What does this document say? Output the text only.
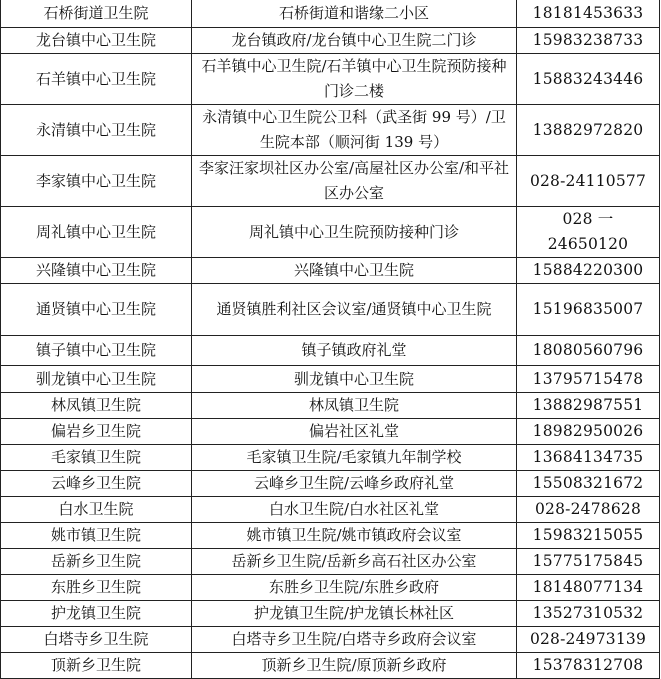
石桥街道卫生院	石桥街道和谐缘二小区	18181453633
龙台镇中心卫生院	龙台镇政府/龙台镇中心卫生院二门诊	15983238733
石羊镇中心卫生院	石羊镇中心卫生院/石羊镇中心卫生院预防接种门诊二楼	15883243446
永清镇中心卫生院	永清镇中心卫生院公卫科（武圣街 99 号）/卫生院本部（顺河街 139 号）	13882972820
李家镇中心卫生院	李家汪家坝社区办公室/高屋社区办公室/和平社区办公室	028-24110577
周礼镇中心卫生院	周礼镇中心卫生院预防接种门诊	028 一 24650120
兴隆镇中心卫生院	兴隆镇中心卫生院	15884220300
通贤镇中心卫生院	通贤镇胜利社区会议室/通贤镇中心卫生院	15196835007
镇子镇中心卫生院	镇子镇政府礼堂	18080560796
驯龙镇中心卫生院	驯龙镇中心卫生院	13795715478
林凤镇卫生院	林凤镇卫生院	13882987551
偏岩乡卫生院	偏岩社区礼堂	18982950026
毛家镇卫生院	毛家镇卫生院/毛家镇九年制学校	13684134735
云峰乡卫生院	云峰乡卫生院/云峰乡政府礼堂	15508321672
白水卫生院	白水卫生院/白水社区礼堂	028-2478628
姚市镇卫生院	姚市镇卫生院/姚市镇政府会议室	15983215055
岳新乡卫生院	岳新乡卫生院/岳新乡高石社区办公室	15775175845
东胜乡卫生院	东胜乡卫生院/东胜乡政府	18148077134
护龙镇卫生院	护龙镇卫生院/护龙镇长林社区	13527310532
白塔寺乡卫生院	白塔寺乡卫生院/白塔寺乡政府会议室	028-24973139
顶新乡卫生院	顶新乡卫生院/原顶新乡政府	15378312708
